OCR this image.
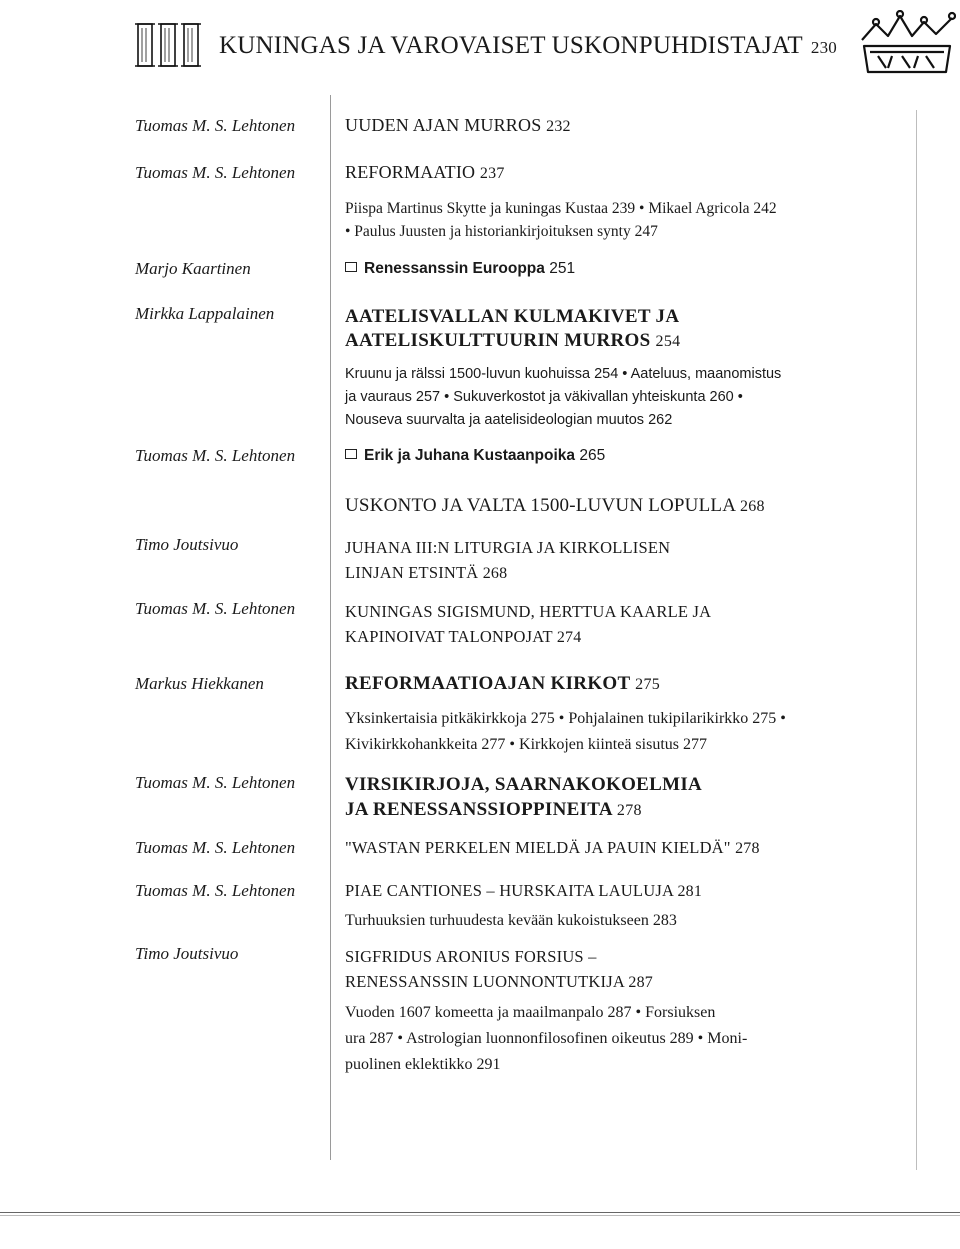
KUNINGAS JA VAROVAISET USKONPUHDISTAJAT 230
Tuomas M. S. Lehtonen
Tuomas M. S. Lehtonen
Marjo Kaartinen
Mirkka Lappalainen
Tuomas M. S. Lehtonen
Timo Joutsivuo
Tuomas M. S. Lehtonen
Markus Hiekkanen
Tuomas M. S. Lehtonen
Tuomas M. S. Lehtonen
Tuomas M. S. Lehtonen
Timo Joutsivuo
UUDEN AJAN MURROS 232
REFORMAATIO 237
Piispa Martinus Skytte ja kuningas Kustaa 239 • Mikael Agricola 242
• Paulus Juusten ja historiankirjoituksen synty 247
Renessanssin Eurooppa 251
AATELISVALLAN KULMAKIVET JA
AATELISKULTTUURIN MURROS 254
Kruunu ja rälssi 1500-luvun kuohuissa 254 • Aateluus, maanomistus
ja vauraus 257 • Sukuverkostot ja väkivallan yhteiskunta 260 •
Nouseva suurvalta ja aatelisideologian muutos 262
Erik ja Juhana Kustaanpoika 265
USKONTO JA VALTA 1500-LUVUN LOPULLA 268
JUHANA III:N LITURGIA JA KIRKOLLISEN
LINJAN ETSINTÄ 268
KUNINGAS SIGISMUND, HERTTUA KAARLE JA
KAPINOIVAT TALONPOJAT 274
REFORMAATIOAJAN KIRKOT 275
Yksinkertaisia pitkäkirkkoja 275 • Pohjalainen tukipilarikirkko 275 •
Kivikirkkohankkeita 277 • Kirkkojen kiinteä sisutus 277
VIRSIKIRJOJA, SAARNAKOKOELMIA
JA RENESSANSSIOPPINEITA 278
"WASTAN PERKELEN MIELDÄ JA PAUIN KIELDÄ" 278
PIAE CANTIONES – HURSKAITA LAULUJA 281
Turhuuksien turhuudesta kevään kukoistukseen 283
SIGFRIDUS ARONIUS FORSIUS –
RENESSANSSIN LUONNONTUTKIJA 287
Vuoden 1607 komeetta ja maailmanpalo 287 • Forsiuksen
ura 287 • Astrologian luonnonfilosofinen oikeutus 289 • Moni-
puolinen eklektikko 291
